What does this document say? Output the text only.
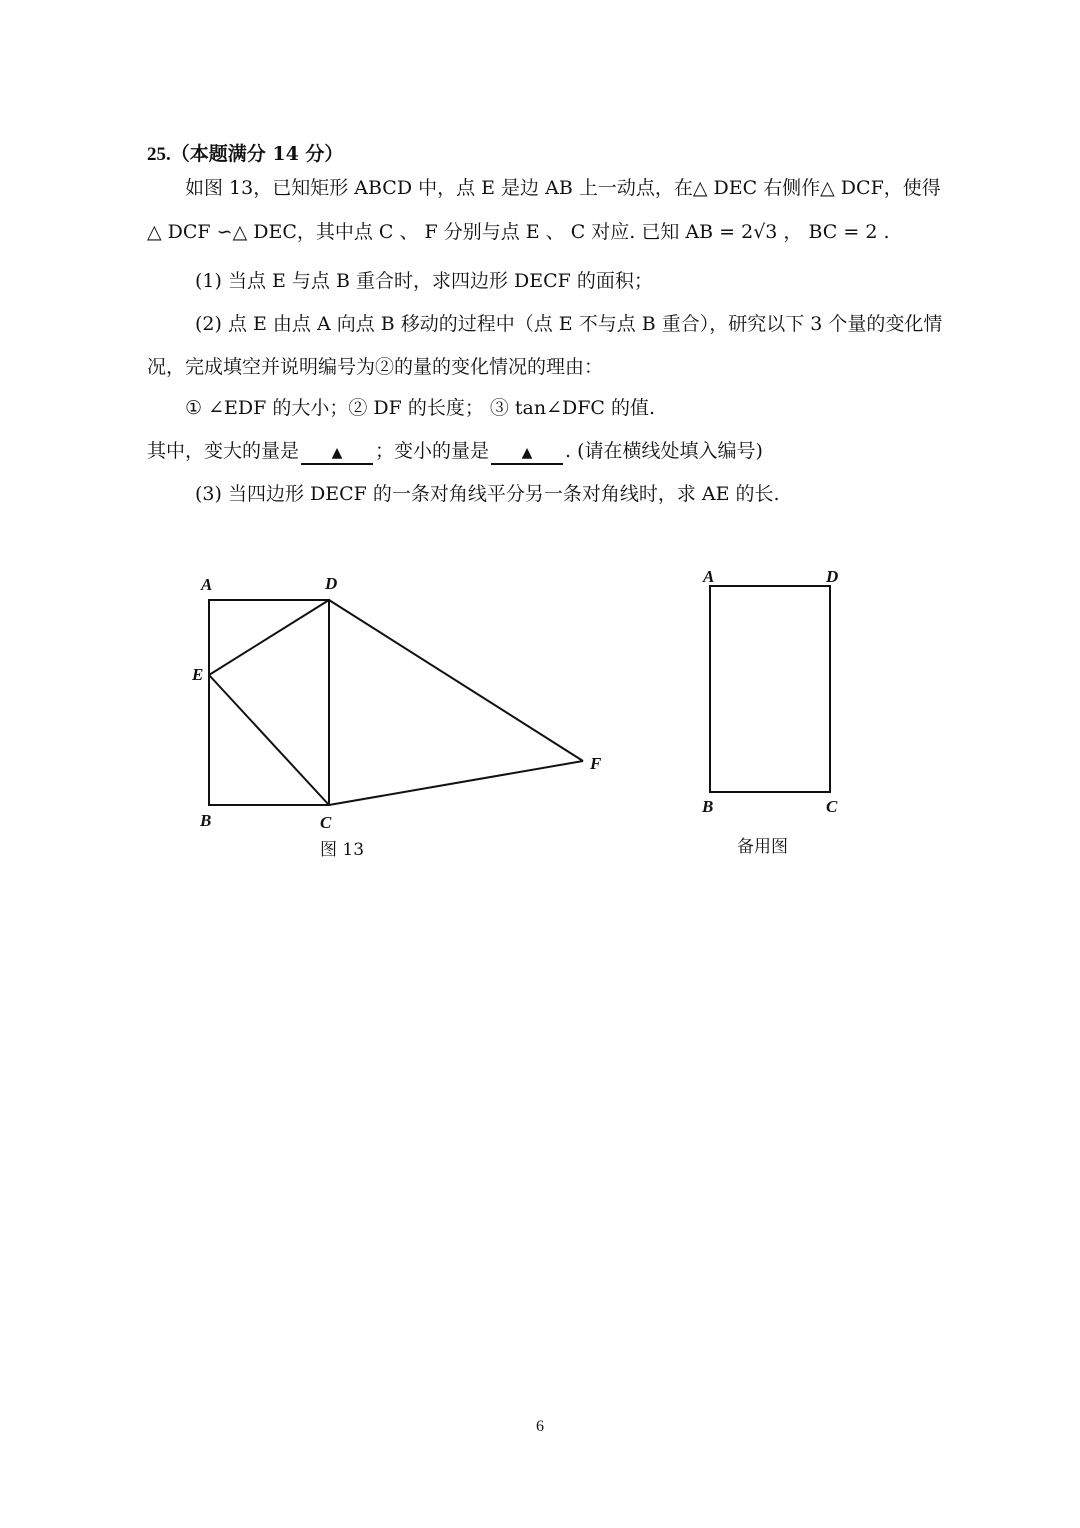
25.（本题满分 14 分）
如图 13，已知矩形 ABCD 中，点 E 是边 AB 上一动点，在△ DEC 右侧作△ DCF，使得
△ DCF ∽△ DEC，其中点 C 、 F 分别与点 E 、 C 对应. 已知 AB = 2√3 ， BC = 2 .
(1) 当点 E 与点 B 重合时，求四边形 DECF 的面积；
(2) 点 E 由点 A 向点 B 移动的过程中（点 E 不与点 B 重合），研究以下 3 个量的变化情
况，完成填空并说明编号为②的量的变化情况的理由：
① ∠EDF 的大小；② DF 的长度； ③ tan∠DFC 的值.
其中，变大的量是 ▲ ；变小的量是 ▲ . (请在横线处填入编号)
(3) 当四边形 DECF 的一条对角线平分另一条对角线时，求 AE 的长.
A	D
E
F
B	C
图 13
A	D
B	C
备用图
6
